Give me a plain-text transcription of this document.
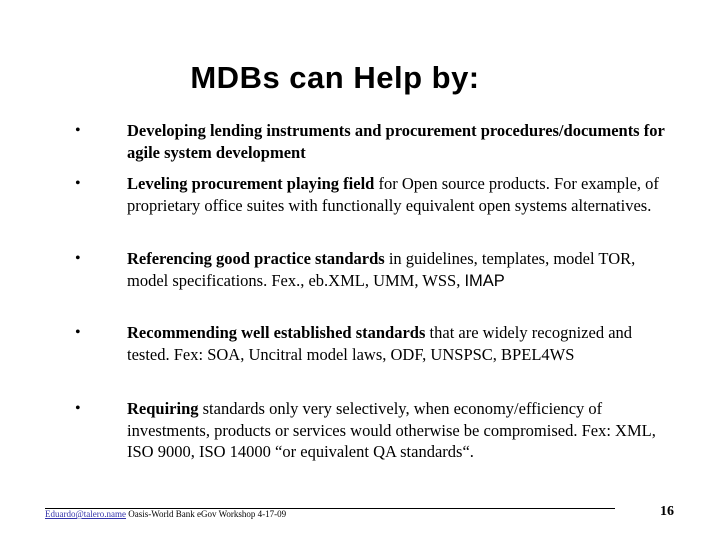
MDBs can Help by:
•	Developing lending instruments and procurement procedures/documents for agile system development
•	Leveling procurement playing field for Open source products. For example, of proprietary office suites with functionally equivalent open systems alternatives.
•	Referencing good practice standards in guidelines, templates, model TOR, model specifications. Fex., eb.XML, UMM, WSS, IMAP
•	Recommending well established standards that are widely recognized and tested. Fex: SOA, Uncitral model laws, ODF, UNSPSC, BPEL4WS
•	Requiring standards only very selectively, when economy/efficiency of investments, products or services would otherwise be compromised. Fex: XML, ISO 9000, ISO 14000 “or equivalent QA standards“.
Eduardo@talero.name Oasis-World Bank eGov Workshop 4-17-09	16
